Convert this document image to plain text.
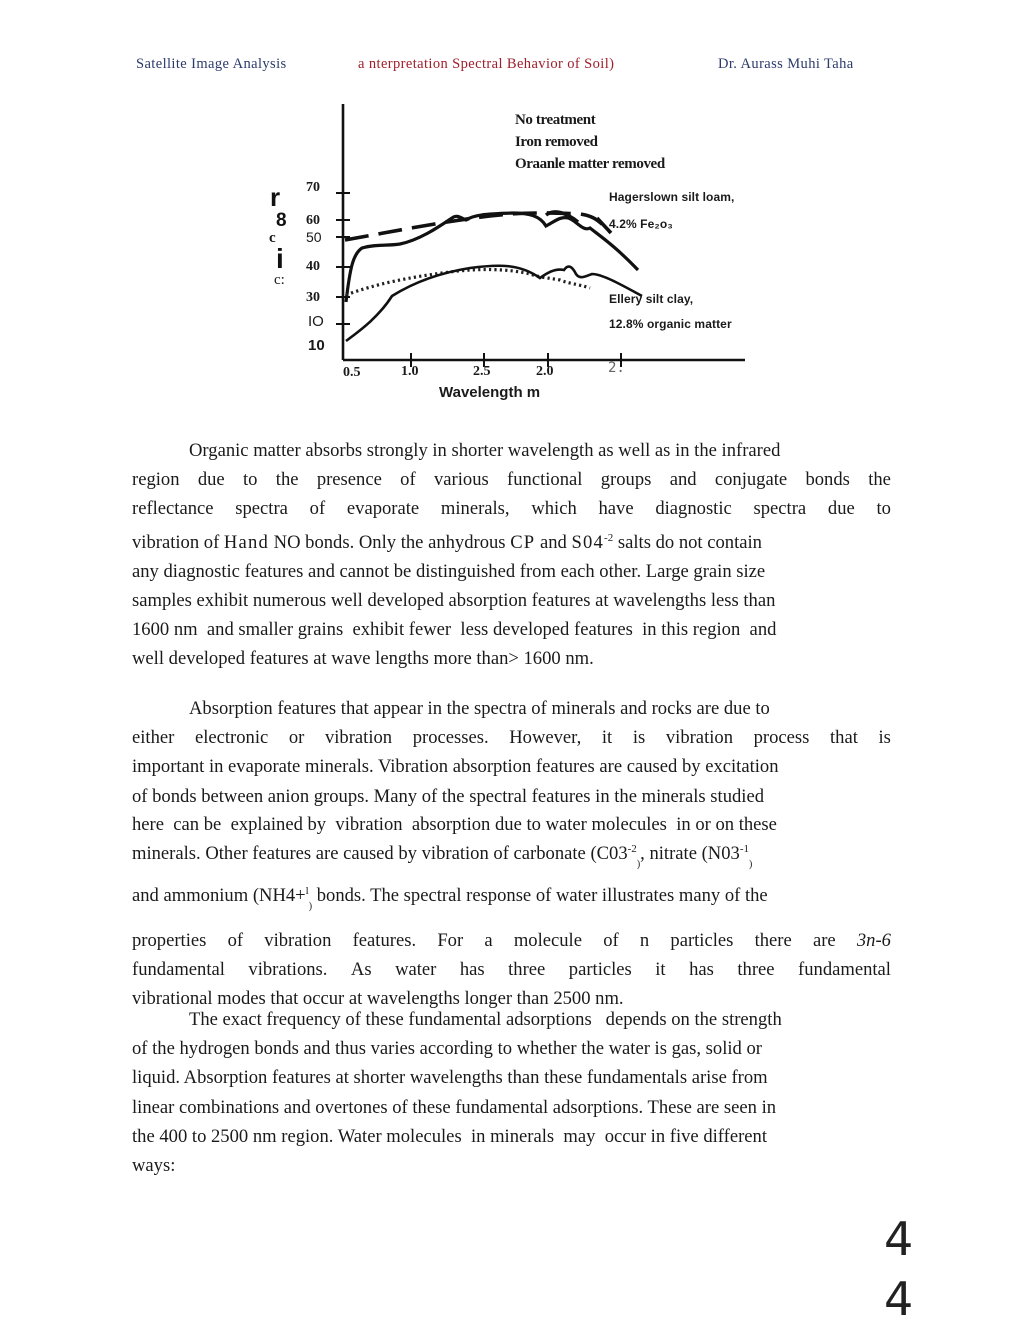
Satellite Image Analysis	a nterpretation Spectral Behavior of Soil)	Dr. Aurass Muhi Taha
No treatment
Iron removed
Oraanle matter removed
70
60
50
40
30
IO
10
r
8
c
i
c:
0.5	1.0	2.5	2.0	2.
Wavelength m
Hagerslown silt loam,
4.2% Fe₂o₃
Ellery silt clay,
12.8% organic matter
Organic matter absorbs strongly in shorter wavelength as well as in the infrared
region due to the presence of various functional groups and conjugate bonds the
reflectance spectra of evaporate minerals, which have diagnostic spectra due to
vibration of Hand NO bonds. Only the anhydrous CP and $S04^{-2}$ salts do not contain
any diagnostic features and cannot be distinguished from each other. Large grain size
samples exhibit numerous well developed absorption features at wavelengths less than
1600 nm  and smaller grains  exhibit fewer  less developed features  in this region  and
well developed features at wave lengths more than> 1600 nm.
Absorption features that appear in the spectra of minerals and rocks are due to
either electronic or vibration processes. However, it is vibration process that is
important in evaporate minerals. Vibration absorption features are caused by excitation
of bonds between anion groups. Many of the spectral features in the minerals studied
here  can be  explained by  vibration  absorption due to water molecules  in or on these
minerals. Other features are caused by vibration of carbonate ($C03^{-2}_)$, nitrate ($N03^{-1}_)$
and ammonium (NH4+$^l_)$ bonds. The spectral response of water illustrates many of the
properties of vibration features. For a molecule of n particles there are 3n-6
fundamental vibrations. As water has three particles it has three fundamental
vibrational modes that occur at wavelengths longer than 2500 nm.
The exact frequency of these fundamental adsorptions   depends on the strength
of the hydrogen bonds and thus varies according to whether the water is gas, solid or
liquid. Absorption features at shorter wavelengths than these fundamentals arise from
linear combinations and overtones of these fundamental adsorptions. These are seen in
the 400 to 2500 nm region. Water molecules  in minerals  may  occur in five different
ways:
4
4
